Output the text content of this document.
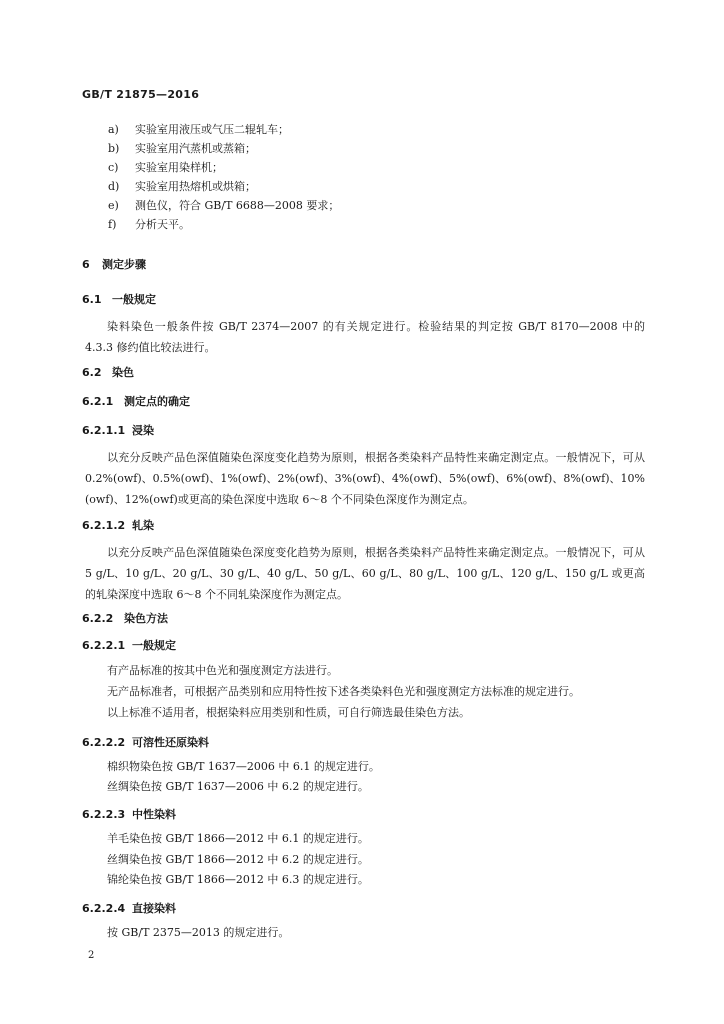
GB/T 21875—2016
a) 实验室用液压或气压二辊轧车；
b) 实验室用汽蒸机或蒸箱；
c) 实验室用染样机；
d) 实验室用热熔机或烘箱；
e) 测色仪，符合 GB/T 6688—2008 要求；
f) 分析天平。
6 测定步骤
6.1 一般规定
染料染色一般条件按 GB/T 2374—2007 的有关规定进行。检验结果的判定按 GB/T 8170—2008 中的 4.3.3 修约值比较法进行。
6.2 染色
6.2.1 测定点的确定
6.2.1.1 浸染
以充分反映产品色深值随染色深度变化趋势为原则，根据各类染料产品特性来确定测定点。一般情况下，可从 0.2%(owf)、0.5%(owf)、1%(owf)、2%(owf)、3%(owf)、4%(owf)、5%(owf)、6%(owf)、8%(owf)、10%(owf)、12%(owf)或更高的染色深度中选取 6～8 个不同染色深度作为测定点。
6.2.1.2 轧染
以充分反映产品色深值随染色深度变化趋势为原则，根据各类染料产品特性来确定测定点。一般情况下，可从 5 g/L、10 g/L、20 g/L、30 g/L、40 g/L、50 g/L、60 g/L、80 g/L、100 g/L、120 g/L、150 g/L 或更高的轧染深度中选取 6～8 个不同轧染深度作为测定点。
6.2.2 染色方法
6.2.2.1 一般规定
有产品标准的按其中色光和强度测定方法进行。
无产品标准者，可根据产品类别和应用特性按下述各类染料色光和强度测定方法标准的规定进行。
以上标准不适用者，根据染料应用类别和性质，可自行筛选最佳染色方法。
6.2.2.2 可溶性还原染料
棉织物染色按 GB/T 1637—2006 中 6.1 的规定进行。
丝绸染色按 GB/T 1637—2006 中 6.2 的规定进行。
6.2.2.3 中性染料
羊毛染色按 GB/T 1866—2012 中 6.1 的规定进行。
丝绸染色按 GB/T 1866—2012 中 6.2 的规定进行。
锦纶染色按 GB/T 1866—2012 中 6.3 的规定进行。
6.2.2.4 直接染料
按 GB/T 2375—2013 的规定进行。
2
